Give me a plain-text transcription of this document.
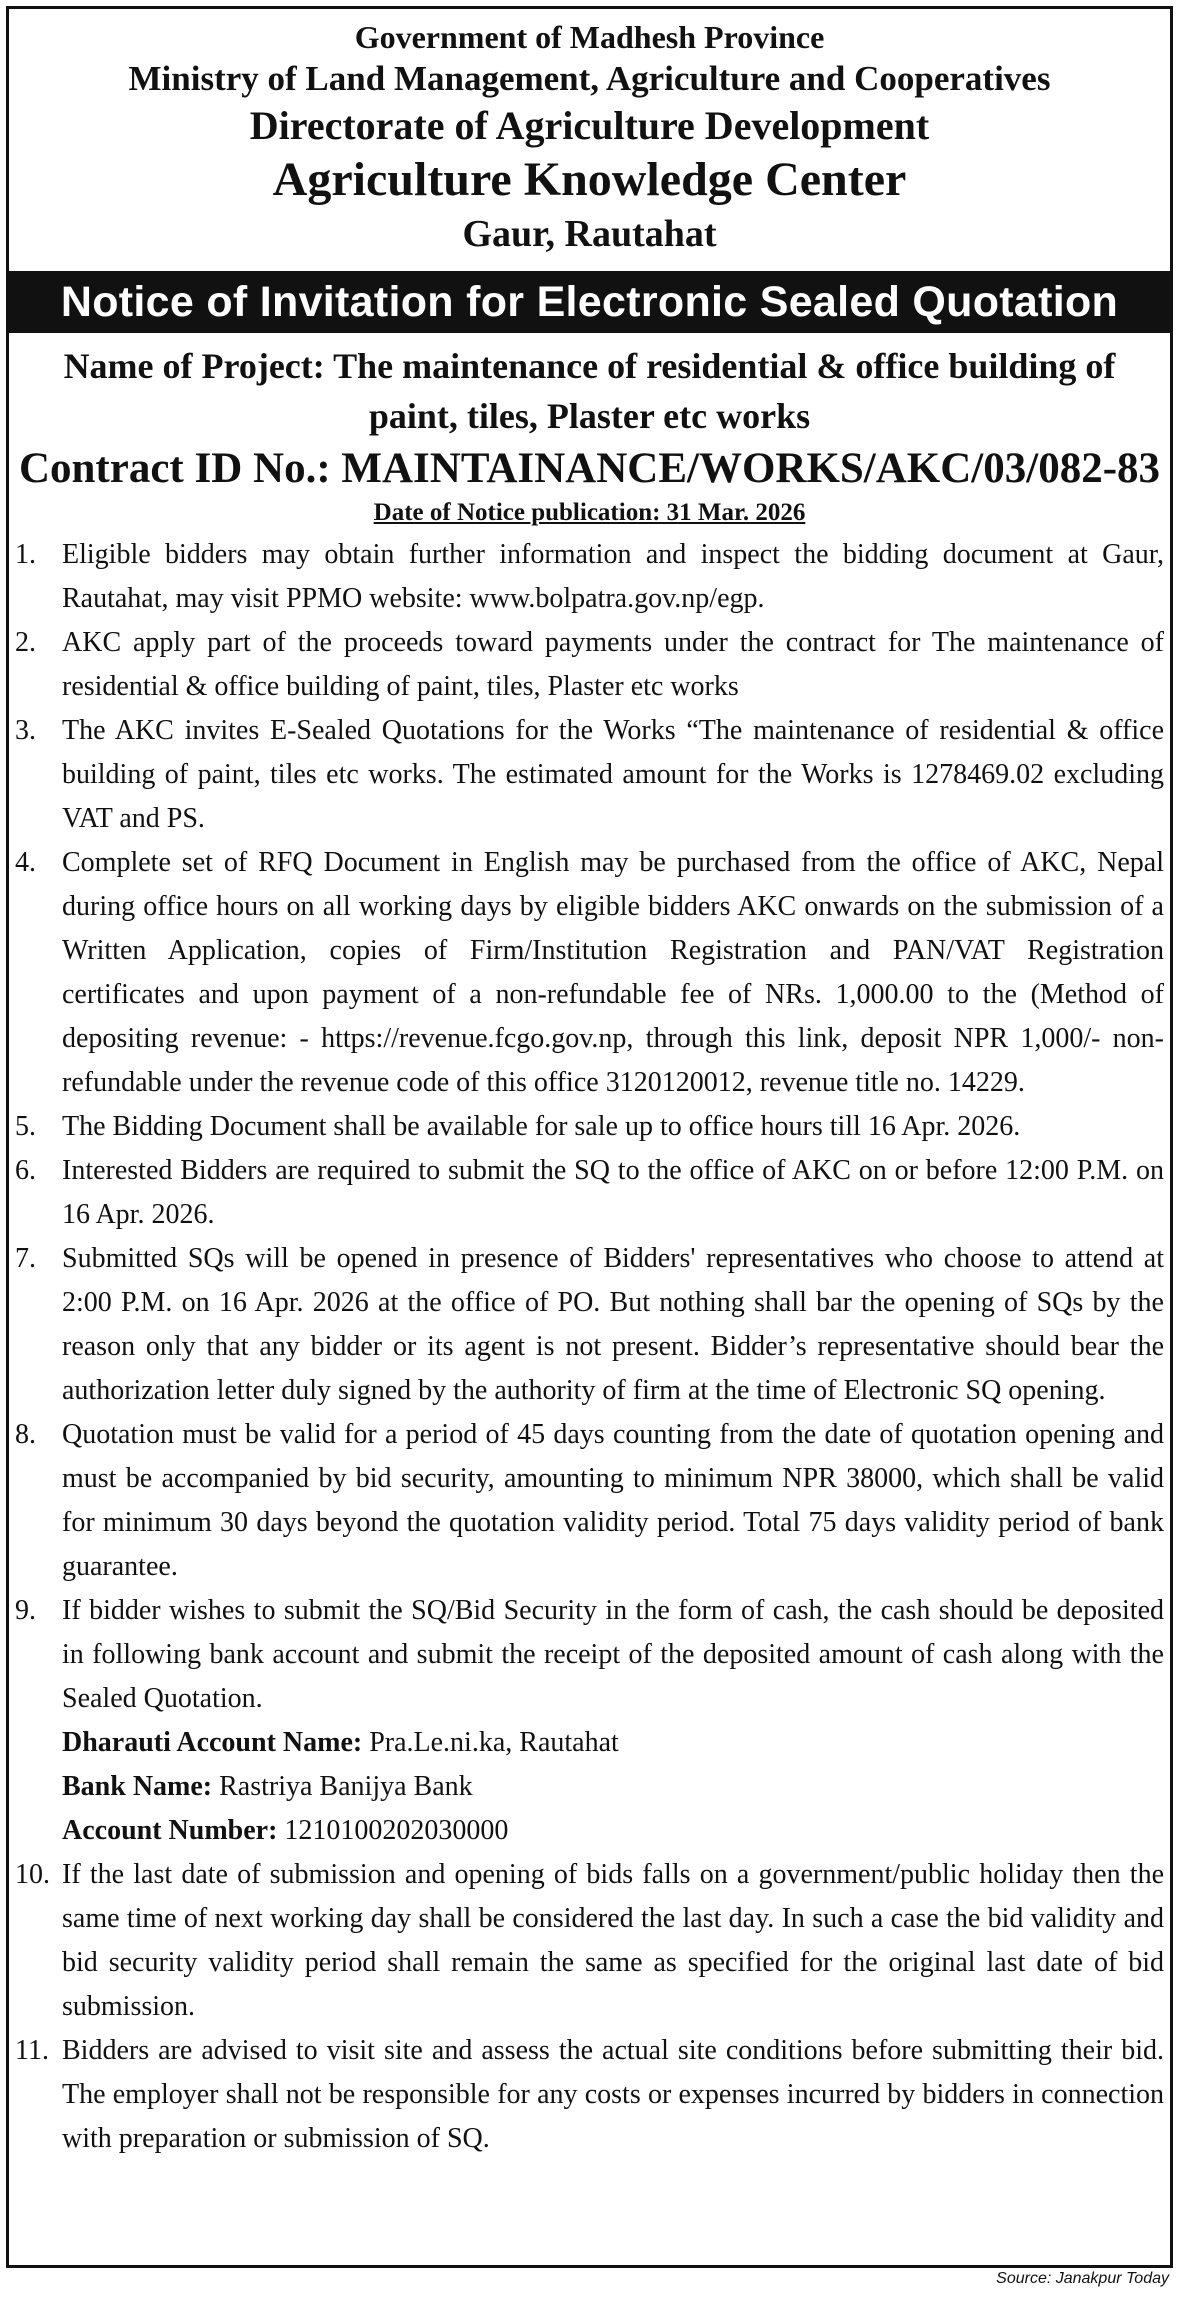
Government of Madhesh Province
Ministry of Land Management, Agriculture and Cooperatives
Directorate of Agriculture Development
Agriculture Knowledge Center
Gaur, Rautahat
Notice of Invitation for Electronic Sealed Quotation
Name of Project: The maintenance of residential & office building of paint, tiles, Plaster etc works
Contract ID No.: MAINTAINANCE/WORKS/AKC/03/082-83
Date of Notice publication: 31 Mar. 2026
1. Eligible bidders may obtain further information and inspect the bidding document at Gaur, Rautahat, may visit PPMO website: www.bolpatra.gov.np/egp.
2. AKC apply part of the proceeds toward payments under the contract for The maintenance of residential & office building of paint, tiles, Plaster etc works
3. The AKC invites E-Sealed Quotations for the Works “The maintenance of residential & office building of paint, tiles etc works. The estimated amount for the Works is 1278469.02 excluding VAT and PS.
4. Complete set of RFQ Document in English may be purchased from the office of AKC, Nepal during office hours on all working days by eligible bidders AKC onwards on the submission of a Written Application, copies of Firm/Institution Registration and PAN/VAT Registration certificates and upon payment of a non-refundable fee of NRs. 1,000.00 to the (Method of depositing revenue: - https://revenue.fcgo.gov.np, through this link, deposit NPR 1,000/- non-refundable under the revenue code of this office 3120120012, revenue title no. 14229.
5. The Bidding Document shall be available for sale up to office hours till 16 Apr. 2026.
6. Interested Bidders are required to submit the SQ to the office of AKC on or before 12:00 P.M. on 16 Apr. 2026.
7. Submitted SQs will be opened in presence of Bidders' representatives who choose to attend at 2:00 P.M. on 16 Apr. 2026 at the office of PO. But nothing shall bar the opening of SQs by the reason only that any bidder or its agent is not present. Bidder’s representative should bear the authorization letter duly signed by the authority of firm at the time of Electronic SQ opening.
8. Quotation must be valid for a period of 45 days counting from the date of quotation opening and must be accompanied by bid security, amounting to minimum NPR 38000, which shall be valid for minimum 30 days beyond the quotation validity period. Total 75 days validity period of bank guarantee.
9. If bidder wishes to submit the SQ/Bid Security in the form of cash, the cash should be deposited in following bank account and submit the receipt of the deposited amount of cash along with the Sealed Quotation.
Dharauti Account Name: Pra.Le.ni.ka, Rautahat
Bank Name: Rastriya Banijya Bank
Account Number: 1210100202030000
10. If the last date of submission and opening of bids falls on a government/public holiday then the same time of next working day shall be considered the last day. In such a case the bid validity and bid security validity period shall remain the same as specified for the original last date of bid submission.
11. Bidders are advised to visit site and assess the actual site conditions before submitting their bid. The employer shall not be responsible for any costs or expenses incurred by bidders in connection with preparation or submission of SQ.
Source: Janakpur Today
